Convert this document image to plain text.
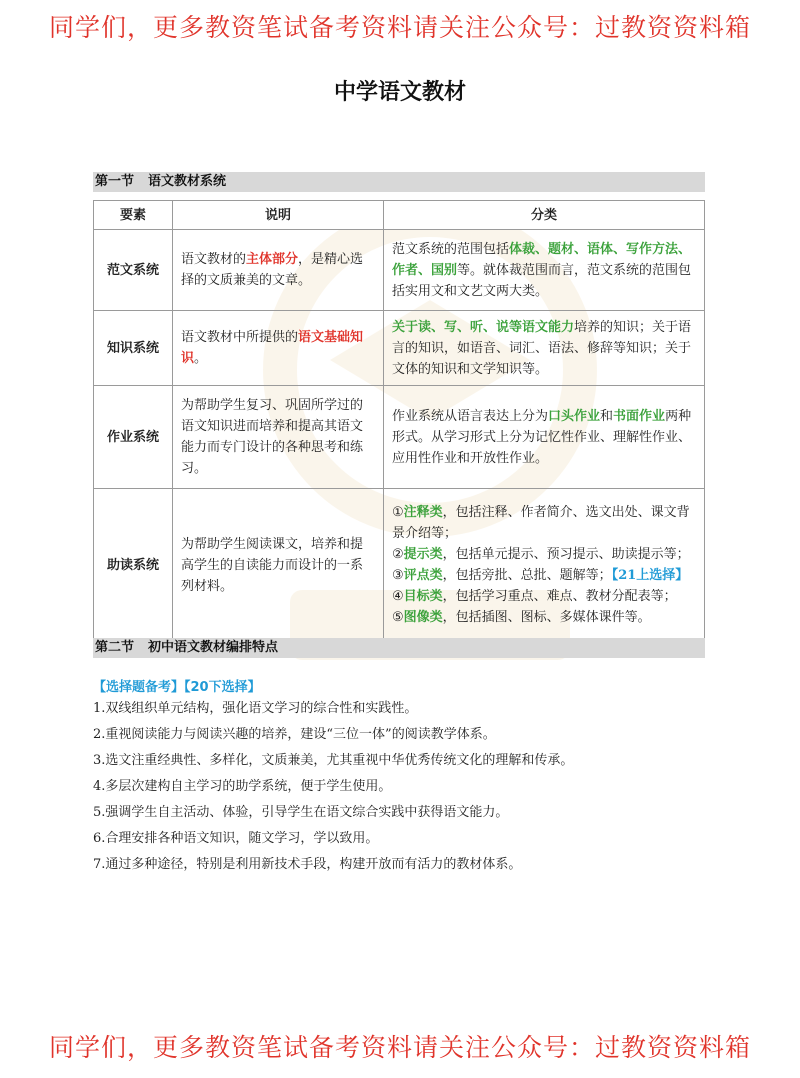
同学们，更多教资笔试备考资料请关注公众号：过教资资料箱
中学语文教材
第一节 语文教材系统
要素	说明	分类
范文系统	语文教材的主体部分，是精心选择的文质兼美的文章。	范文系统的范围包括体裁、题材、语体、写作方法、作者、国别等。就体裁范围而言，范文系统的范围包括实用文和文艺文两大类。
知识系统	语文教材中所提供的语文基础知识。	关于读、写、听、说等语文能力培养的知识；关于语言的知识，如语音、词汇、语法、修辞等知识；关于文体的知识和文学知识等。
作业系统	为帮助学生复习、巩固所学过的语文知识进而培养和提高其语文能力而专门设计的各种思考和练习。	作业系统从语言表达上分为口头作业和书面作业两种形式。从学习形式上分为记忆性作业、理解性作业、应用性作业和开放性作业。
助读系统	为帮助学生阅读课文，培养和提高学生的自读能力而设计的一系列材料。	①注释类，包括注释、作者简介、选文出处、课文背景介绍等；
②提示类，包括单元提示、预习提示、助读提示等；
③评点类，包括旁批、总批、题解等；【21上选择】
④目标类，包括学习重点、难点、教材分配表等；
⑤图像类，包括插图、图标、多媒体课件等。
第二节 初中语文教材编排特点
【选择题备考】【20下选择】
1.双线组织单元结构，强化语文学习的综合性和实践性。
2.重视阅读能力与阅读兴趣的培养，建设“三位一体”的阅读教学体系。
3.选文注重经典性、多样化，文质兼美，尤其重视中华优秀传统文化的理解和传承。
4.多层次建构自主学习的助学系统，便于学生使用。
5.强调学生自主活动、体验，引导学生在语文综合实践中获得语文能力。
6.合理安排各种语文知识，随文学习，学以致用。
7.通过多种途径，特别是利用新技术手段，构建开放而有活力的教材体系。
同学们，更多教资笔试备考资料请关注公众号：过教资资料箱
